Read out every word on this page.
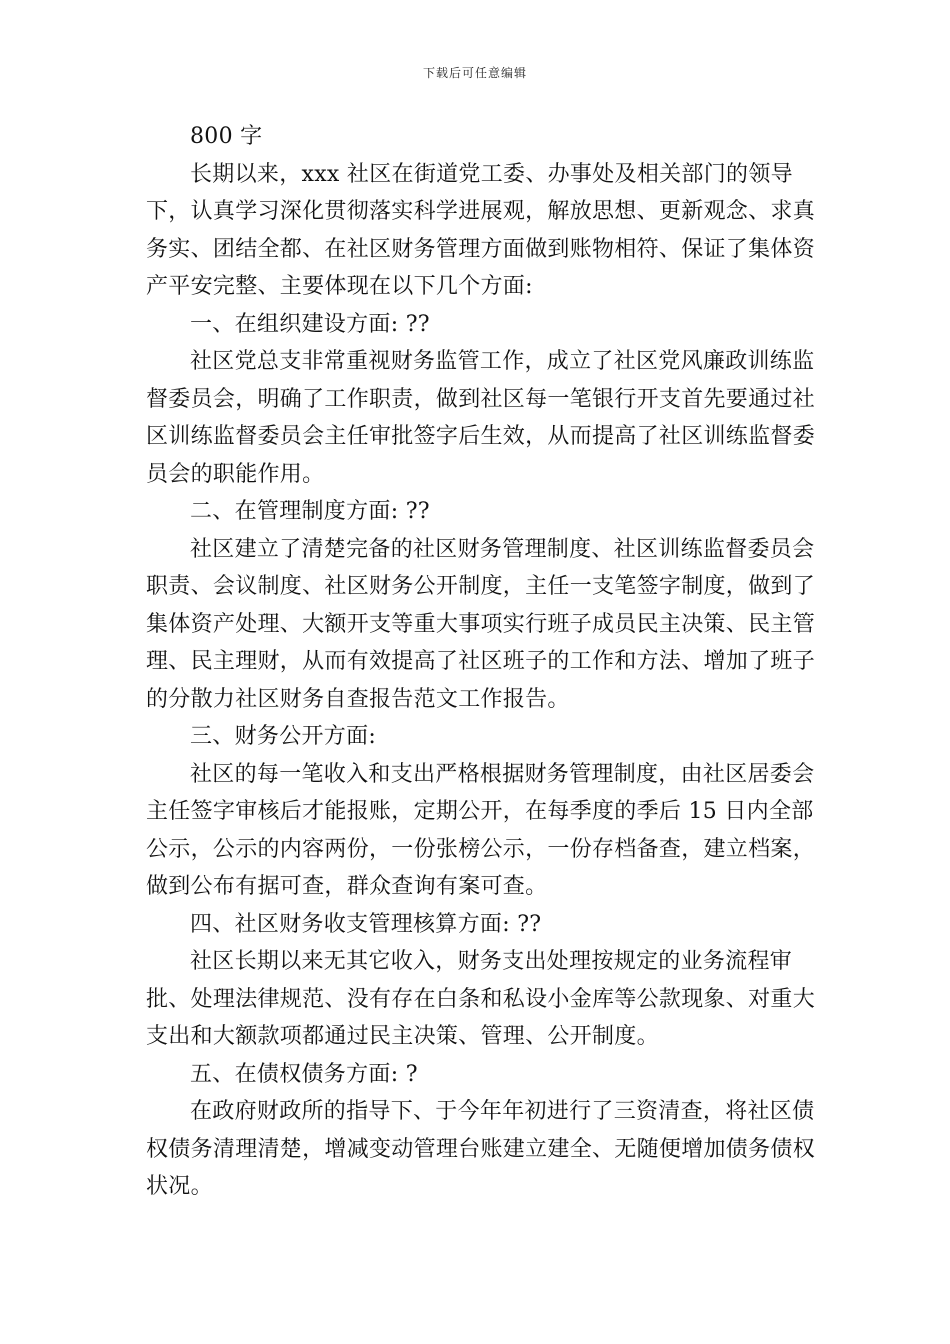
下载后可任意编辑

800 字

长期以来，xxx 社区在街道党工委、办事处及相关部门的领导下，认真学习深化贯彻落实科学进展观，解放思想、更新观念、求真务实、团结全都、在社区财务管理方面做到账物相符、保证了集体资产平安完整、主要体现在以下几个方面:

一、在组织建设方面: ??

社区党总支非常重视财务监管工作，成立了社区党风廉政训练监督委员会，明确了工作职责，做到社区每一笔银行开支首先要通过社区训练监督委员会主任审批签字后生效，从而提高了社区训练监督委员会的职能作用。

二、在管理制度方面: ??

社区建立了清楚完备的社区财务管理制度、社区训练监督委员会职责、会议制度、社区财务公开制度，主任一支笔签字制度，做到了集体资产处理、大额开支等重大事项实行班子成员民主决策、民主管理、民主理财，从而有效提高了社区班子的工作和方法、增加了班子的分散力社区财务自查报告范文工作报告。

三、财务公开方面:

社区的每一笔收入和支出严格根据财务管理制度，由社区居委会主任签字审核后才能报账，定期公开，在每季度的季后 15 日内全部公示，公示的内容两份，一份张榜公示，一份存档备查，建立档案，做到公布有据可查，群众查询有案可查。

四、社区财务收支管理核算方面: ??

社区长期以来无其它收入，财务支出处理按规定的业务流程审批、处理法律规范、没有存在白条和私设小金库等公款现象、对重大支出和大额款项都通过民主决策、管理、公开制度。

五、在债权债务方面: ?

在政府财政所的指导下、于今年年初进行了三资清查，将社区债权债务清理清楚，增减变动管理台账建立建全、无随便增加债务债权状况。
